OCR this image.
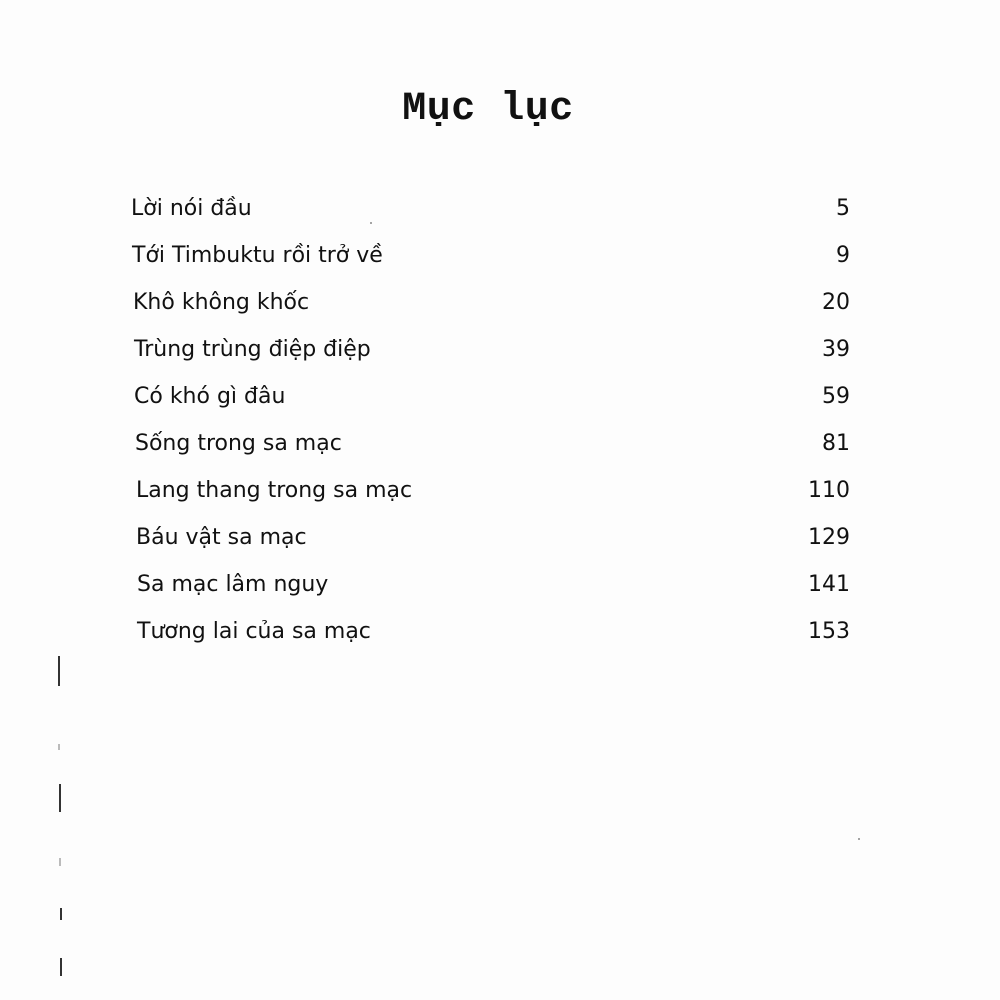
Mục lục
Lời nói đầu	5
Tới Timbuktu rồi trở về	9
Khô không khốc	20
Trùng trùng điệp điệp	39
Có khó gì đâu	59
Sống trong sa mạc	81
Lang thang trong sa mạc	110
Báu vật sa mạc	129
Sa mạc lâm nguy	141
Tương lai của sa mạc	153
